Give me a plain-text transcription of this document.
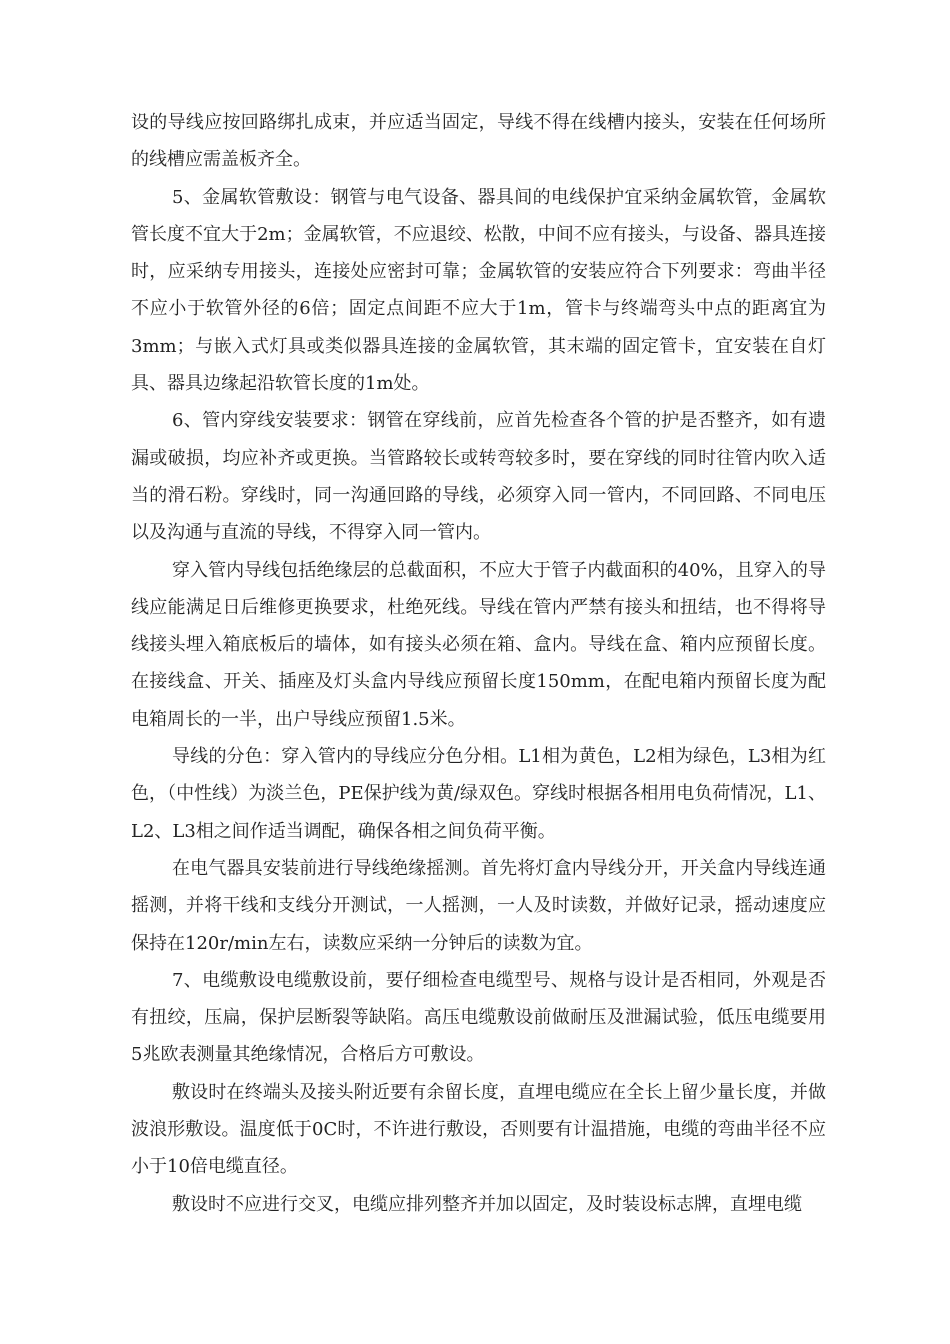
设的导线应按回路绑扎成束，并应适当固定，导线不得在线槽内接头，安装在任何场所的线槽应需盖板齐全。

5、金属软管敷设：钢管与电气设备、器具间的电线保护宜采纳金属软管，金属软管长度不宜大于2m；金属软管，不应退绞、松散，中间不应有接头，与设备、器具连接时，应采纳专用接头，连接处应密封可靠；金属软管的安装应符合下列要求：弯曲半径不应小于软管外径的6倍；固定点间距不应大于1m，管卡与终端弯头中点的距离宜为3mm；与嵌入式灯具或类似器具连接的金属软管，其末端的固定管卡，宜安装在自灯具、器具边缘起沿软管长度的1m处。

6、管内穿线安装要求：钢管在穿线前，应首先检查各个管的护是否整齐，如有遗漏或破损，均应补齐或更换。当管路较长或转弯较多时，要在穿线的同时往管内吹入适当的滑石粉。穿线时，同一沟通回路的导线，必须穿入同一管内，不同回路、不同电压以及沟通与直流的导线，不得穿入同一管内。

穿入管内导线包括绝缘层的总截面积，不应大于管子内截面积的40%，且穿入的导线应能满足日后维修更换要求，杜绝死线。导线在管内严禁有接头和扭结，也不得将导线接头埋入箱底板后的墙体，如有接头必须在箱、盒内。导线在盒、箱内应预留长度。在接线盒、开关、插座及灯头盒内导线应预留长度150mm，在配电箱内预留长度为配电箱周长的一半，出户导线应预留1.5米。

导线的分色：穿入管内的导线应分色分相。L1相为黄色，L2相为绿色，L3相为红色，（中性线）为淡兰色，PE保护线为黄/绿双色。穿线时根据各相用电负荷情况，L1、L2、L3相之间作适当调配，确保各相之间负荷平衡。

在电气器具安装前进行导线绝缘摇测。首先将灯盒内导线分开，开关盒内导线连通摇测，并将干线和支线分开测试，一人摇测，一人及时读数，并做好记录，摇动速度应保持在120r/min左右，读数应采纳一分钟后的读数为宜。

7、电缆敷设电缆敷设前，要仔细检查电缆型号、规格与设计是否相同，外观是否有扭绞，压扁，保护层断裂等缺陷。高压电缆敷设前做耐压及泄漏试验，低压电缆要用5兆欧表测量其绝缘情况，合格后方可敷设。

敷设时在终端头及接头附近要有余留长度，直埋电缆应在全长上留少量长度，并做波浪形敷设。温度低于0C时，不许进行敷设，否则要有计温措施，电缆的弯曲半径不应小于10倍电缆直径。

敷设时不应进行交叉，电缆应排列整齐并加以固定，及时装设标志牌，直埋电缆
